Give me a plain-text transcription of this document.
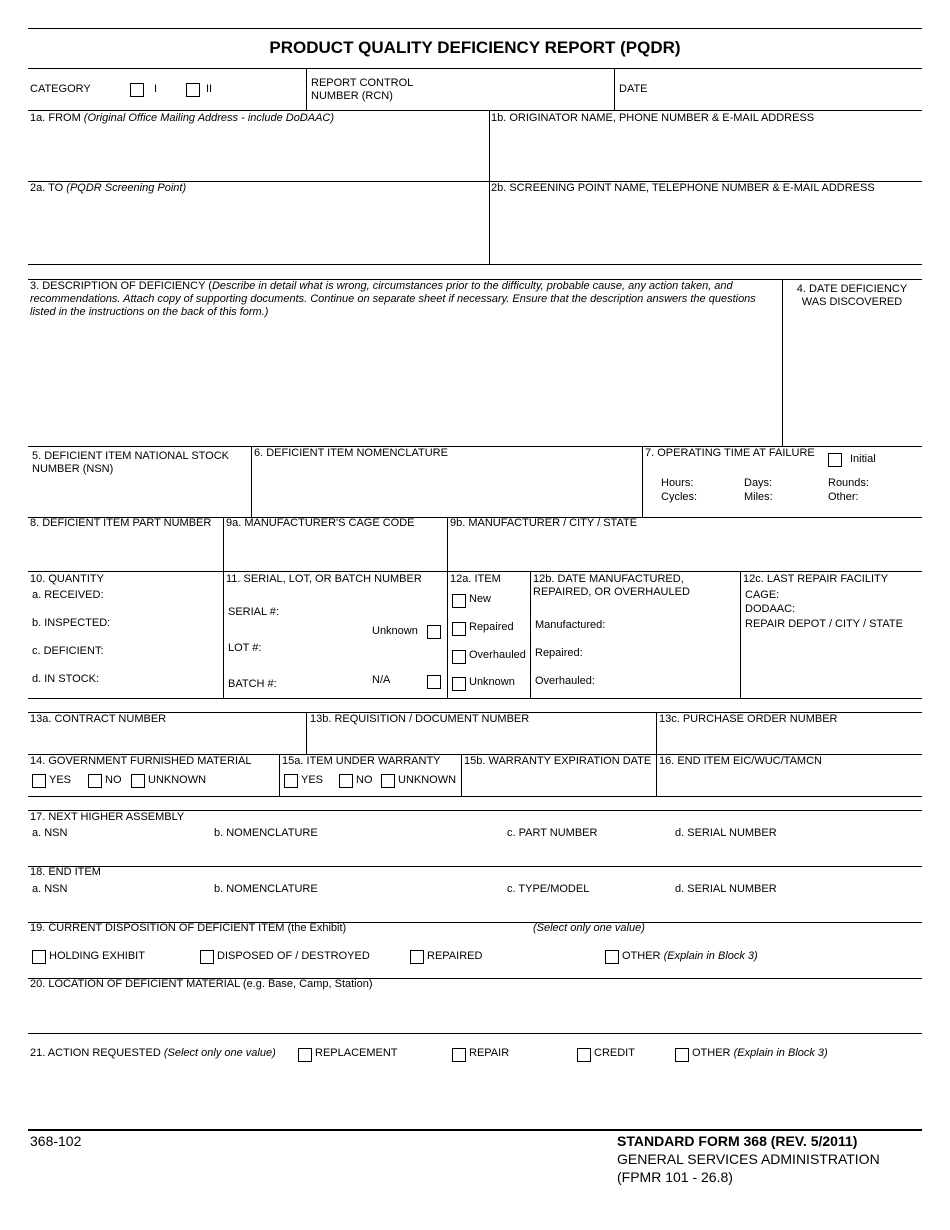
PRODUCT QUALITY DEFICIENCY REPORT (PQDR)
CATEGORY	I	II	REPORT CONTROL
NUMBER (RCN)
DATE
1a. FROM (Original Office Mailing Address - include DoDAAC)	1b. ORIGINATOR NAME, PHONE NUMBER & E-MAIL ADDRESS
2a. TO (PQDR Screening Point)	2b. SCREENING POINT NAME, TELEPHONE NUMBER & E-MAIL ADDRESS
3. DESCRIPTION OF DEFICIENCY (Describe in detail what is wrong, circumstances prior to the difficulty, probable cause, any action taken, and recommendations. Attach copy of supporting documents. Continue on separate sheet if necessary. Ensure that the description answers the questions listed in the instructions on the back of this form.)
4. DATE DEFICIENCY
WAS DISCOVERED
5. DEFICIENT ITEM NATIONAL STOCK
NUMBER (NSN)
6. DEFICIENT ITEM NOMENCLATURE	7. OPERATING TIME AT FAILURE	Initial
Hours:	Days:	Rounds:
Cycles:	Miles:	Other:
8. DEFICIENT ITEM PART NUMBER 9a. MANUFACTURER'S CAGE CODE	9b. MANUFACTURER / CITY / STATE
10. QUANTITY
a. RECEIVED:
b. INSPECTED:
c. DEFICIENT:
d. IN STOCK:
11. SERIAL, LOT, OR BATCH NUMBER
SERIAL #:
Unknown
LOT #:
BATCH #:	N/A
12a. ITEM
New
Repaired
Overhauled
Unknown
12b. DATE MANUFACTURED,
REPAIRED, OR OVERHAULED
Manufactured:
Repaired:
Overhauled:
12c. LAST REPAIR FACILITY
CAGE:
DODAAC:
REPAIR DEPOT / CITY / STATE
13a. CONTRACT NUMBER	13b. REQUISITION / DOCUMENT NUMBER	13c. PURCHASE ORDER NUMBER
14. GOVERNMENT FURNISHED MATERIAL
YES	NO UNKNOWN
15a. ITEM UNDER WARRANTY
YES	NO UNKNOWN
15b. WARRANTY EXPIRATION DATE 16. END ITEM EIC/WUC/TAMCN
17. NEXT HIGHER ASSEMBLY
a. NSN	b. NOMENCLATURE	c. PART NUMBER	d. SERIAL NUMBER
18. END ITEM
a. NSN	b. NOMENCLATURE	c. TYPE/MODEL	d. SERIAL NUMBER
19. CURRENT DISPOSITION OF DEFICIENT ITEM (the Exhibit)	(Select only one value)
HOLDING EXHIBIT	DISPOSED OF / DESTROYED	REPAIRED	OTHER (Explain in Block 3)
20. LOCATION OF DEFICIENT MATERIAL (e.g. Base, Camp, Station)
21. ACTION REQUESTED (Select only one value)	REPLACEMENT	REPAIR	CREDIT	OTHER (Explain in Block 3)
368-102	STANDARD FORM 368 (REV. 5/2011)
GENERAL SERVICES ADMINISTRATION
(FPMR 101 - 26.8)
